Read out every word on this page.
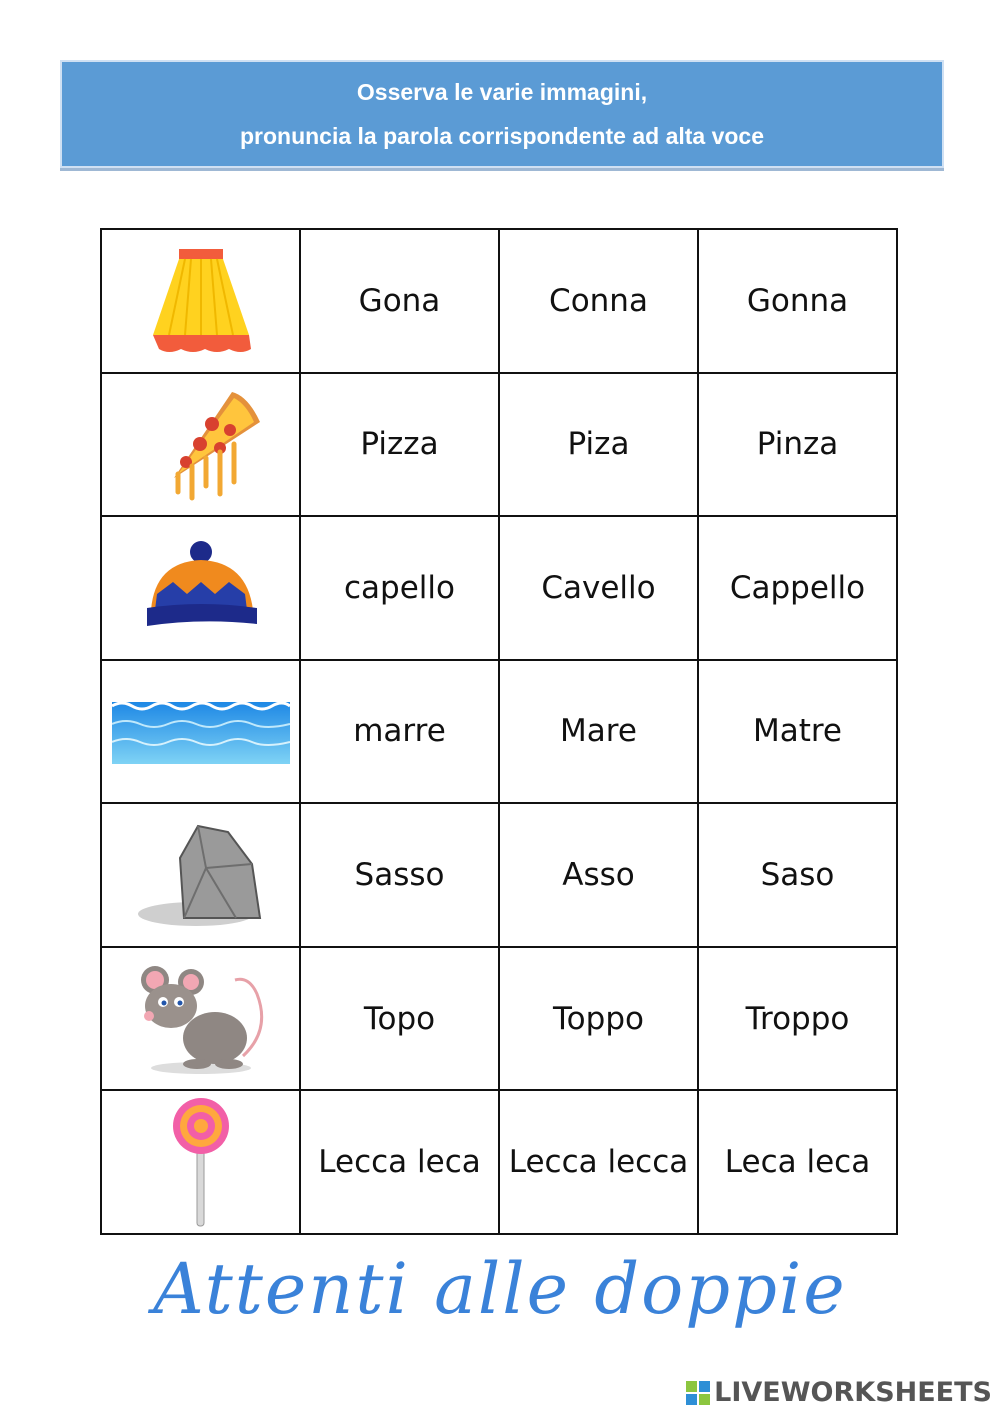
Osserva le varie immagini,
pronuncia la parola corrispondente ad alta voce
	Gona	Conna	Gonna

	Pizza	Piza	Pinza

	capello	Cavello	Cappello

	marre	Mare	Matre

	Sasso	Asso	Saso

	Topo	Toppo	Troppo

	Lecca leca	Lecca lecca	Leca leca
Attenti alle doppie
LIVEWORKSHEETS
